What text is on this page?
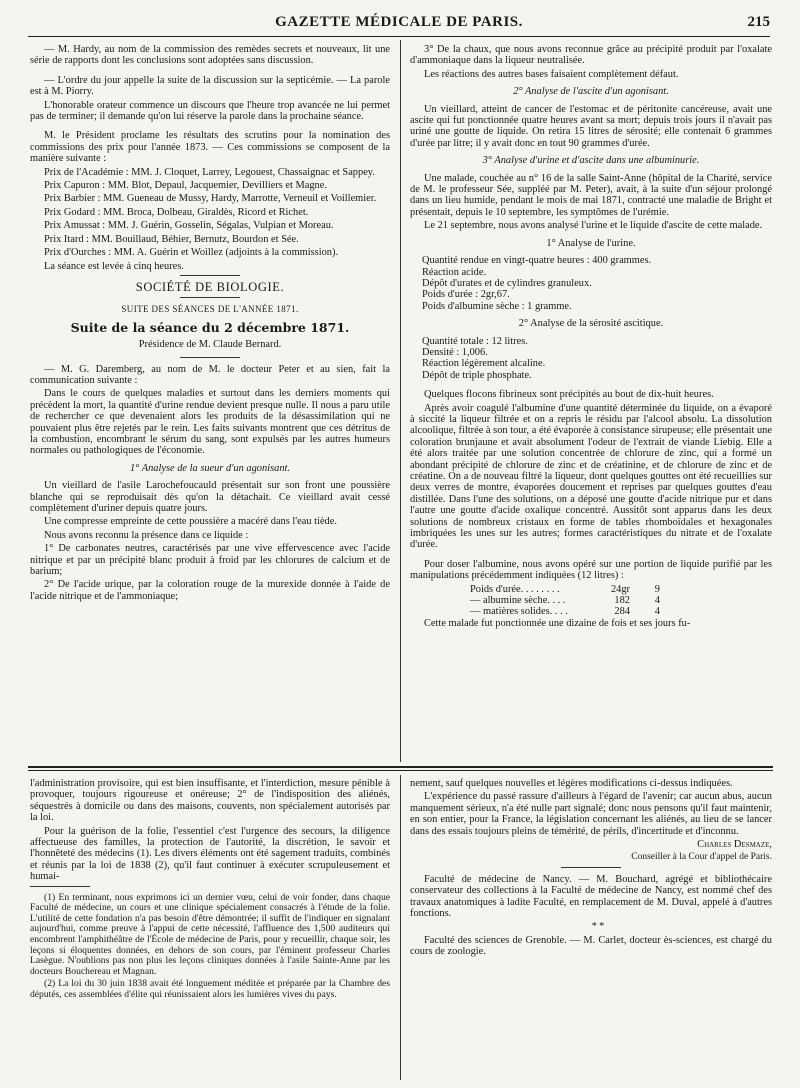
GAZETTE MÉDICALE DE PARIS.	215

— M. Hardy, au nom de la commission des remèdes secrets et nouveaux, lit une série de rapports dont les conclusions sont adoptées sans discussion.

— L'ordre du jour appelle la suite de la discussion sur la septicémie. — La parole est à M. Piorry.

L'honorable orateur commence un discours que l'heure trop avancée ne lui permet pas de terminer; il demande qu'on lui réserve la parole dans la prochaine séance.

M. le Président proclame les résultats des scrutins pour la nomination des commissions des prix pour l'année 1873. — Ces commissions se composent de la manière suivante :

Prix de l'Académie : MM. J. Cloquet, Larrey, Legouest, Chassaignac et Sappey.

Prix Capuron : MM. Blot, Depaul, Jacquemier, Devilliers et Magne.

Prix Barbier : MM. Gueneau de Mussy, Hardy, Marrotte, Verneuil et Voillemier.

Prix Godard : MM. Broca, Dolbeau, Giraldès, Ricord et Richet.

Prix Amussat : MM. J. Guérin, Gosselin, Ségalas, Vulpian et Moreau.

Prix Itard : MM. Bouillaud, Béhier, Bernutz, Bourdon et Sée.

Prix d'Ourches : MM. A. Guérin et Woillez (adjoints à la commission).

La séance est levée à cinq heures.

SOCIÉTÉ DE BIOLOGIE.

SUITE DES SÉANCES DE L'ANNÉE 1871.

Suite de la séance du 2 décembre 1871.

Présidence de M. Claude Bernard.

— M. G. Daremberg, au nom de M. le docteur Peter et au sien, fait la communication suivante :

Dans le cours de quelques maladies et surtout dans les derniers moments qui précèdent la mort, la quantité d'urine rendue devient presque nulle. Il nous a paru utile de rechercher ce que devenaient alors les produits de la désassimilation qui ne pouvaient plus être rejetés par le rein. Les faits suivants montrent que ces détritus de la combustion, encombrant le sérum du sang, sont expulsés par les autres humeurs normales ou pathologiques de l'économie.

1° Analyse de la sueur d'un agonisant.

Un vieillard de l'asile Larochefoucauld présentait sur son front une poussière blanche qui se reproduisait dès qu'on la détachait. Ce vieillard avait cessé complètement d'uriner depuis quatre jours.

Une compresse empreinte de cette poussière a macéré dans l'eau tiède.

Nous avons reconnu la présence dans ce liquide :

1° De carbonates neutres, caractérisés par une vive effervescence avec l'acide nitrique et par un précipité blanc produit à froid par les chlorures de calcium et de barium;

2° De l'acide urique, par la coloration rouge de la murexide donnée à l'aide de l'acide nitrique et de l'ammoniaque;

3° De la chaux, que nous avons reconnue grâce au précipité produit par l'oxalate d'ammoniaque dans la liqueur neutralisée.

Les réactions des autres bases faisaient complètement défaut.

2° Analyse de l'ascite d'un agonisant.

Un vieillard, atteint de cancer de l'estomac et de péritonite cancéreuse, avait une ascite qui fut ponctionnée quatre heures avant sa mort; depuis trois jours il n'avait pas uriné une goutte de liquide. On retira 15 litres de sérosité; elle contenait 6 grammes d'urée par litre; il y avait donc en tout 90 grammes d'urée.

3° Analyse d'urine et d'ascite dans une albuminurie.

Une malade, couchée au n° 16 de la salle Saint-Anne (hôpital de la Charité, service de M. le professeur Sée, suppléé par M. Peter), avait, à la suite d'un séjour prolongé dans un lieu humide, pendant le mois de mai 1871, contracté une maladie de Bright et présentait, depuis le 10 septembre, les symptômes de l'urémie.

Le 21 septembre, nous avons analysé l'urine et le liquide d'ascite de cette malade.

1° Analyse de l'urine.

Quantité rendue en vingt-quatre heures : 400 grammes.

Réaction acide.

Dépôt d'urates et de cylindres granuleux.

Poids d'urée : 2gr,67.

Poids d'albumine sèche : 1 gramme.

2° Analyse de la sérosité ascitique.

Quantité totale : 12 litres.

Densité : 1,006.

Réaction légèrement alcaline.

Dépôt de triple phosphate.

Quelques flocons fibrineux sont précipités au bout de dix-huit heures.

Après avoir coagulé l'albumine d'une quantité déterminée du liquide, on a évaporé à siccité la liqueur filtrée et on a repris le résidu par l'alcool absolu. La dissolution alcoolique, filtrée à son tour, a été évaporée à consistance sirupeuse; elle présentait une coloration brunjaune et avait absolument l'odeur de l'extrait de viande Liebig. Elle a été alors traitée par une solution concentrée de chlorure de zinc, qui a formé un abondant précipité de chlorure de zinc et de créatinine, et de chlorure de zinc et de créatine. On a de nouveau filtré la liqueur, dont quelques gouttes ont été recueillies sur deux verres de montre, évaporées doucement et reprises par quelques gouttes d'eau distillée. Dans l'une des solutions, on a déposé une goutte d'acide nitrique pur et dans l'autre une goutte d'acide oxalique concentré. Aussitôt sont apparus dans les deux solutions de nombreux cristaux en forme de tables rhomboïdales et hexagonales imbriquées les unes sur les autres; formes caractéristiques du nitrate et de l'oxalate d'urée.

Pour doser l'albumine, nous avons opéré sur une portion de liquide purifié par les manipulations précédemment indiquées (12 litres) :

Poids d'urée. . . . . . . .	24gr	9
— albumine sèche. . . .	182	4
— matières solides. . . .	284	4

Cette malade fut ponctionnée une dizaine de fois et ses jours fu-

l'administration provisoire, qui est bien insuffisante, et l'interdiction, mesure pénible à provoquer, toujours rigoureuse et onéreuse; 2° de l'indisposition des aliénés, séquestrés à domicile ou dans des maisons, couvents, non spécialement autorisés par la loi.

Pour la guérison de la folie, l'essentiel c'est l'urgence des secours, la diligence affectueuse des familles, la protection de l'autorité, la discrétion, le savoir et l'honnêteté des médecins (1). Les divers éléments ont été sagement traduits, combinés et réunis par la loi de 1838 (2), qu'il faut continuer à exécuter scrupuleusement et humai-

(1) En terminant, nous exprimons ici un dernier vœu, celui de voir fonder, dans chaque Faculté de médecine, un cours et une clinique spécialement consacrés à l'étude de la folie. L'utilité de cette fondation n'a pas besoin d'être démontrée; il suffit de l'indiquer en signalant aujourd'hui, comme preuve à l'appui de cette nécessité, l'affluence des 1,500 auditeurs qui encombrent l'amphithéâtre de l'École de médecine de Paris, pour y recueillir, chaque soir, les leçons si éloquentes données, en dehors de son cours, par l'éminent professeur Charles Lasègue. N'oublions pas non plus les leçons cliniques données à l'asile Sainte-Anne par les docteurs Bouchereau et Magnan.

(2) La loi du 30 juin 1838 avait été longuement méditée et préparée par la Chambre des députés, ces assemblées d'élite qui réunissaient alors les lumières vives du pays.

nement, sauf quelques nouvelles et légères modifications ci-dessus indiquées.

L'expérience du passé rassure d'ailleurs à l'égard de l'avenir; car aucun abus, aucun manquement sérieux, n'a été nulle part signalé; donc nous pensons qu'il faut maintenir, en son entier, pour la France, la législation concernant les aliénés, au lieu de se lancer dans des essais toujours pleins de témérité, de périls, d'incertitude et d'inconnu.

Charles Desmaze,

Conseiller à la Cour d'appel de Paris.

Faculté de médecine de Nancy. — M. Bouchard, agrégé et bibliothécaire conservateur des collections à la Faculté de médecine de Nancy, est nommé chef des travaux anatomiques à ladite Faculté, en remplacement de M. Duval, appelé à d'autres fonctions.

* *

Faculté des sciences de Grenoble. — M. Carlet, docteur ès-sciences, est chargé du cours de zoologie.
